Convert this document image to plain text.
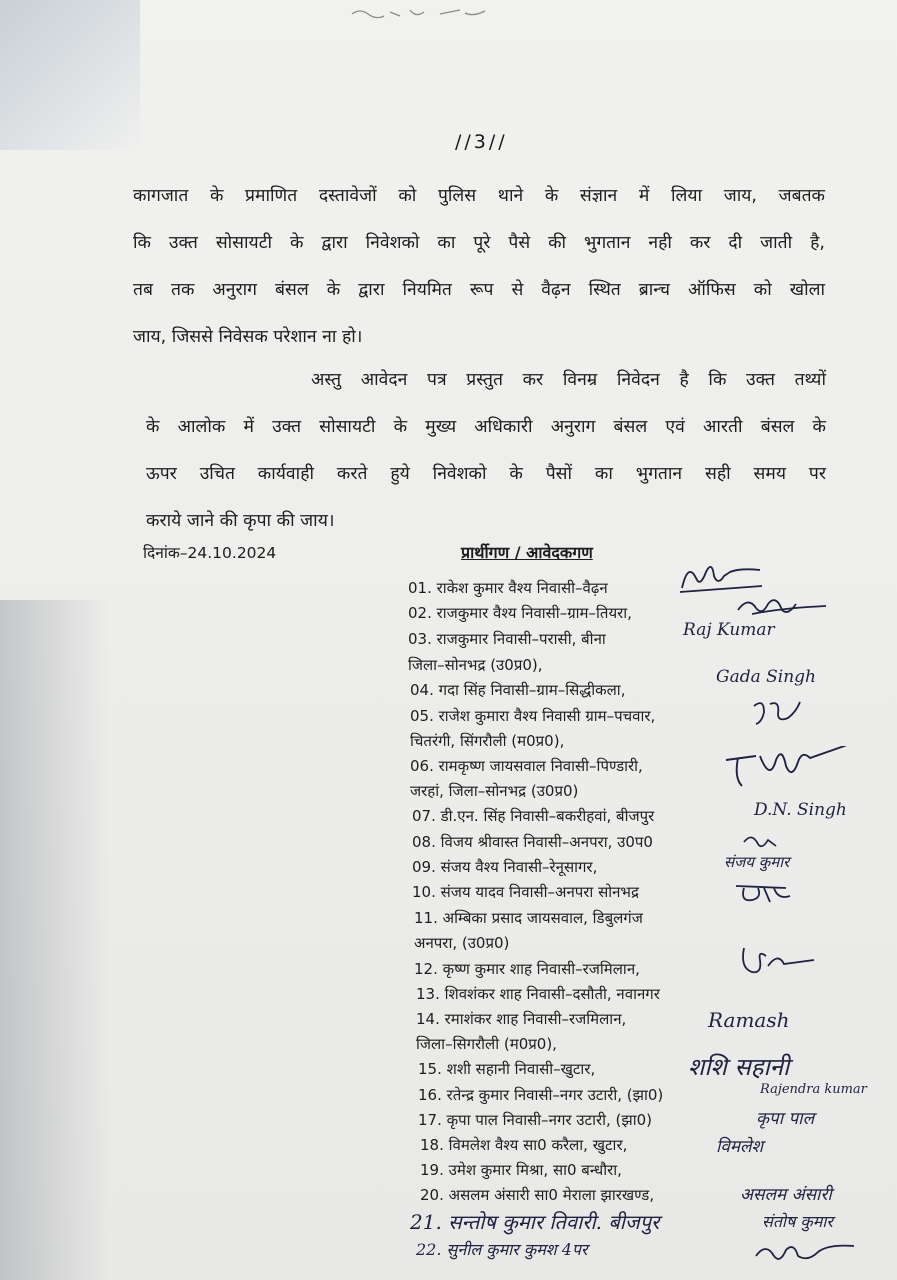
//3//
कागजात के प्रमाणित दस्तावेजों को पुलिस थाने के संज्ञान में लिया जाय, जबतक
कि उक्त सोसायटी के द्वारा निवेशको का पूरे पैसे की भुगतान नही कर दी जाती है,
तब तक अनुराग बंसल के द्वारा नियमित रूप से वैढ़न स्थित ब्रान्च ऑफिस को खोला
जाय, जिससे निवेसक परेशान ना हो।
अस्तु आवेदन पत्र प्रस्तुत कर विनम्र निवेदन है कि उक्त तथ्यों
के आलोक में उक्त सोसायटी के मुख्य अधिकारी अनुराग बंसल एवं आरती बंसल के
ऊपर उचित कार्यवाही करते हुये निवेशको के पैसों का भुगतान सही समय पर
कराये जाने की कृपा की जाय।
दिनांक–24.10.2024	प्रार्थीगण / आवेदकगण
01. राकेश कुमार वैश्य निवासी–वैढ़न
02. राजकुमार वैश्य निवासी–ग्राम–तियरा,
03. राजकुमार निवासी–परासी, बीना
जिला–सोनभद्र (उ0प्र0),
04. गदा सिंह निवासी–ग्राम–सिद्धीकला,
05. राजेश कुमारा वैश्य निवासी ग्राम–पचवार,
चितरंगी, सिंगरौली (म0प्र0),
06. रामकृष्ण जायसवाल निवासी–पिण्डारी,
जरहां, जिला–सोनभद्र (उ0प्र0)
07. डी.एन. सिंह निवासी–बकरीहवां, बीजपुर
08. विजय श्रीवास्त निवासी–अनपरा, उ0प0
09. संजय वैश्य निवासी–रेनूसागर,
10. संजय यादव निवासी–अनपरा सोनभद्र
11. अम्बिका प्रसाद जायसवाल, डिबुलगंज
अनपरा, (उ0प्र0)
12. कृष्ण कुमार शाह निवासी–रजमिलान,
13. शिवशंकर शाह निवासी–दसौती, नवानगर
14. रमाशंकर शाह निवासी–रजमिलान,
जिला–सिगरौली (म0प्र0),
15. शशी सहानी निवासी–खुटार,
16. रतेन्द्र कुमार निवासी–नगर उटारी, (झा0)
17. कृपा पाल निवासी–नगर उटारी, (झा0)
18. विमलेश वैश्य सा0 करैला, खुटार,
19. उमेश कुमार मिश्रा, सा0 बन्धौरा,
20. असलम अंसारी सा0 मेराला झारखण्ड,
21. सन्तोष कुमार तिवारी. बीजपुर
22. सुनील कुमार कुमश 4पर
Raj Kumar
Gada Singh
D.N. Singh
संजय कुमार
Ramash
शशि सहानी
Rajendra kumar
कृपा पाल
विमलेश
असलम अंसारी
संतोष कुमार
